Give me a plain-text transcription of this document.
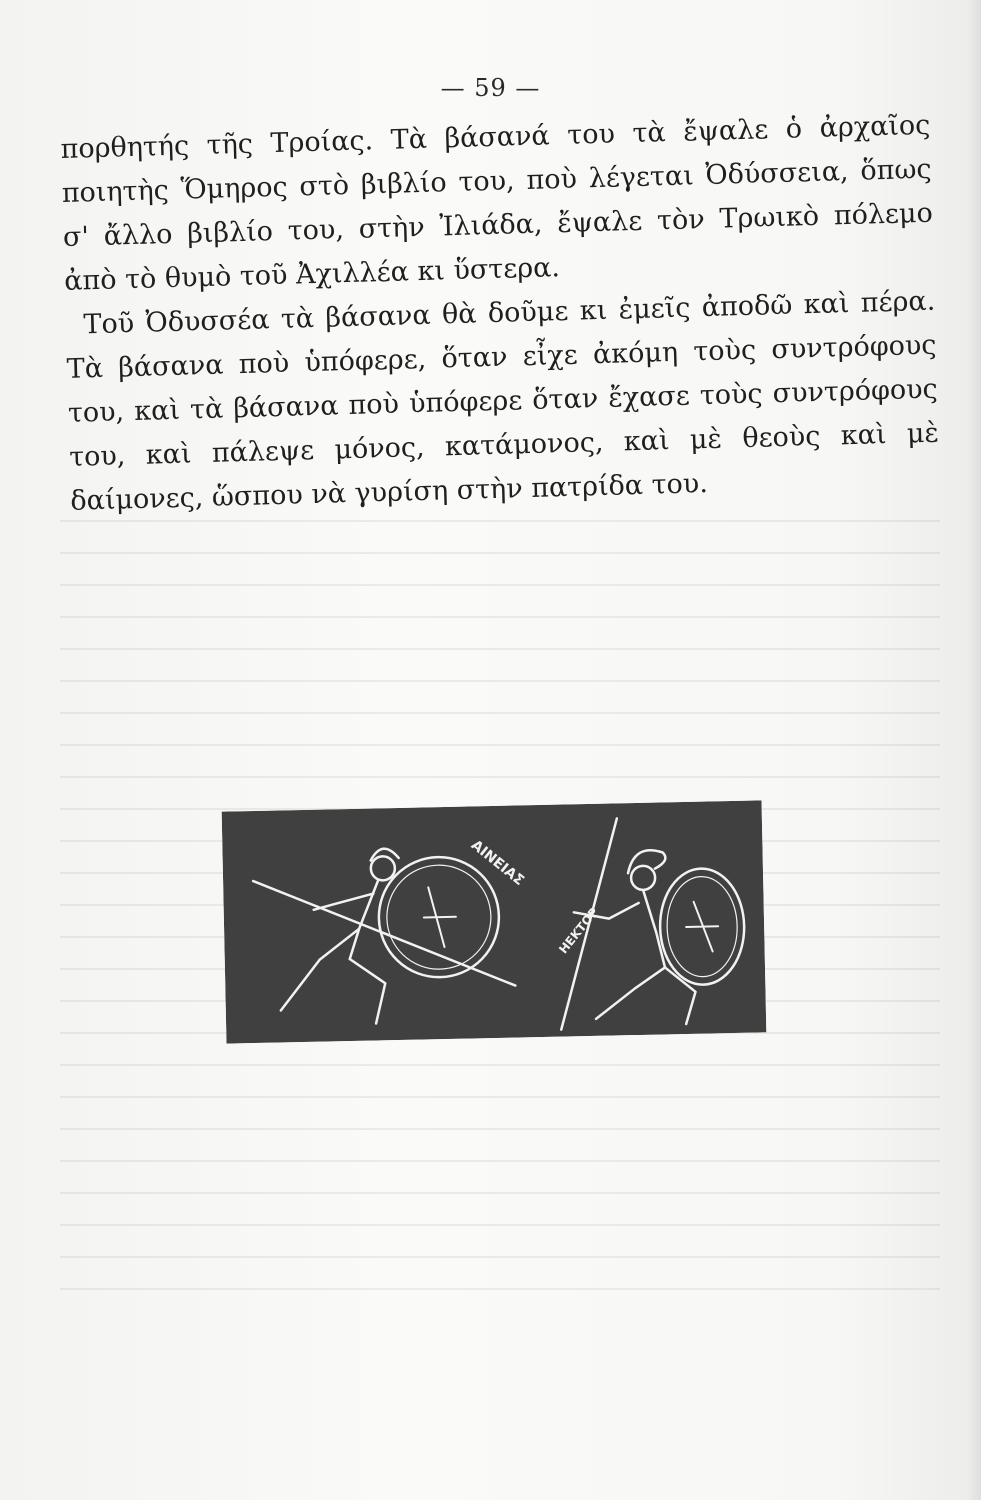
— 59 —

πορθητής τῆς Τροίας. Τὰ βάσανά του τὰ ἔψαλε ὁ ἀρχαῖος ποιητὴς Ὅμηρος στὸ βιβλίο του, ποὺ λέγεται Ὀδύσσεια, ὅπως σ' ἄλλο βιβλίο του, στὴν Ἰλιάδα, ἔψαλε τὸν Τρωικὸ πόλεμο ἀπὸ τὸ θυμὸ τοῦ Ἀχιλλέα κι ὕστερα.

Τοῦ Ὀδυσσέα τὰ βάσανα θὰ δοῦμε κι ἐμεῖς ἀποδῶ καὶ πέρα. Τὰ βάσανα ποὺ ὑπόφερε, ὅταν εἶχε ἀκόμη τοὺς συντρόφους του, καὶ τὰ βάσανα ποὺ ὑπόφερε ὅταν ἔχασε τοὺς συντρόφους του, καὶ πάλεψε μόνος, κατάμονος, καὶ μὲ θεοὺς καὶ μὲ δαίμονες, ὥσπου νὰ γυρίση στὴν πατρίδα του.

ΑΙΝΕΙΑΣ
ΗΕΚΤΟΡ
